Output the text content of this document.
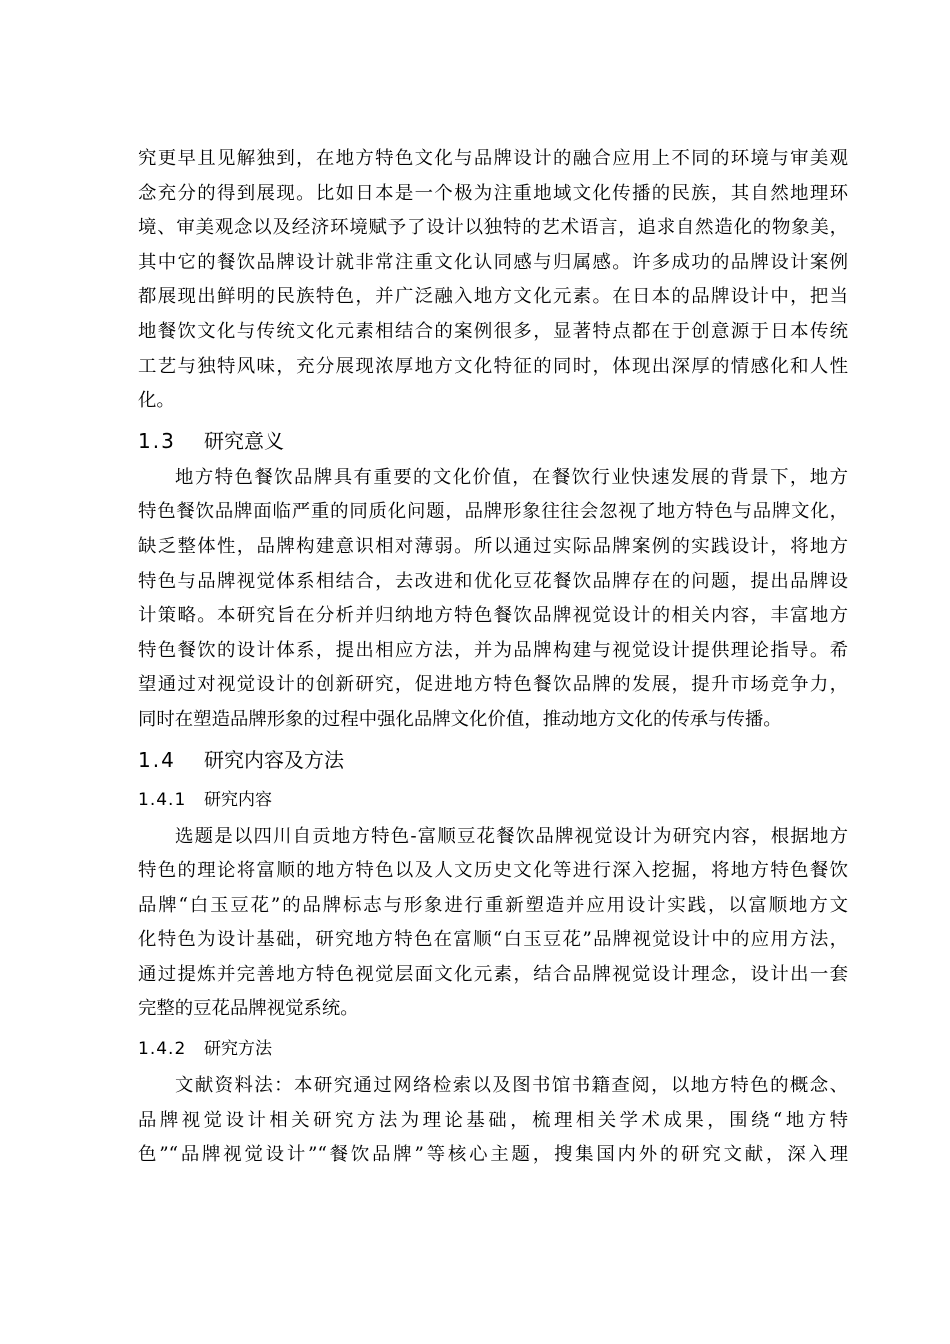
究更早且见解独到，在地方特色文化与品牌设计的融合应用上不同的环境与审美观
念充分的得到展现。比如日本是一个极为注重地域文化传播的民族，其自然地理环
境、审美观念以及经济环境赋予了设计以独特的艺术语言，追求自然造化的物象美，
其中它的餐饮品牌设计就非常注重文化认同感与归属感。许多成功的品牌设计案例
都展现出鲜明的民族特色，并广泛融入地方文化元素。在日本的品牌设计中，把当
地餐饮文化与传统文化元素相结合的案例很多，显著特点都在于创意源于日本传统
工艺与独特风味，充分展现浓厚地方文化特征的同时，体现出深厚的情感化和人性
化。
1.3 研究意义
地方特色餐饮品牌具有重要的文化价值，在餐饮行业快速发展的背景下，地方
特色餐饮品牌面临严重的同质化问题，品牌形象往往会忽视了地方特色与品牌文化，
缺乏整体性，品牌构建意识相对薄弱。所以通过实际品牌案例的实践设计，将地方
特色与品牌视觉体系相结合，去改进和优化豆花餐饮品牌存在的问题，提出品牌设
计策略。本研究旨在分析并归纳地方特色餐饮品牌视觉设计的相关内容，丰富地方
特色餐饮的设计体系，提出相应方法，并为品牌构建与视觉设计提供理论指导。希
望通过对视觉设计的创新研究，促进地方特色餐饮品牌的发展，提升市场竞争力，
同时在塑造品牌形象的过程中强化品牌文化价值，推动地方文化的传承与传播。
1.4 研究内容及方法
1.4.1 研究内容
选题是以四川自贡地方特色-富顺豆花餐饮品牌视觉设计为研究内容，根据地方
特色的理论将富顺的地方特色以及人文历史文化等进行深入挖掘，将地方特色餐饮
品牌“白玉豆花”的品牌标志与形象进行重新塑造并应用设计实践，以富顺地方文
化特色为设计基础，研究地方特色在富顺“白玉豆花”品牌视觉设计中的应用方法，
通过提炼并完善地方特色视觉层面文化元素，结合品牌视觉设计理念，设计出一套
完整的豆花品牌视觉系统。
1.4.2 研究方法
文献资料法：本研究通过网络检索以及图书馆书籍查阅，以地方特色的概念、
品牌视觉设计相关研究方法为理论基础，梳理相关学术成果，围绕“地方特
色”“品牌视觉设计”“餐饮品牌”等核心主题，搜集国内外的研究文献，深入理
